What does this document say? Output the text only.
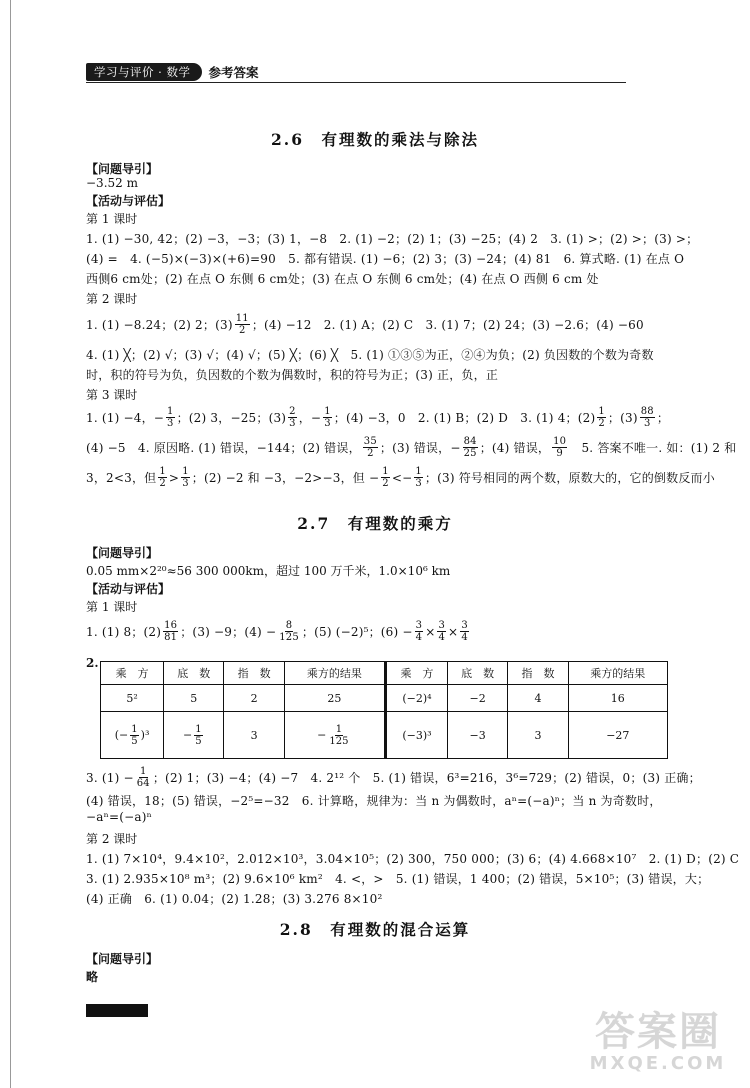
学习与评价 · 数学	参考答案
2.6　有理数的乘法与除法
【问题导引】
−3.52 m
【活动与评估】
第 1 课时
1. (1) −30, 42；(2) −3，−3；(3) 1，−8　2. (1) −2；(2) 1；(3) −25；(4) 2　3. (1) >；(2) >；(3) >；
(4) =　4. (−5)×(−3)×(+6)=90　5. 都有错误. (1) −6；(2) 3；(3) −24；(4) 81　6. 算式略. (1) 在点 O
西侧6 cm处；(2) 在点 O 东侧 6 cm处；(3) 在点 O 东侧 6 cm处；(4) 在点 O 西侧 6 cm 处
第 2 课时
1. (1) −8.24；(2) 2；$(3) \frac{11}{2}$ ；(4) −12　2. (1) A；(2) C　3. (1) 7；(2) 24；(3) −2.6；(4) −60
4. (1) ╳；(2) √；(3) √；(4) √；(5) ╳；(6) ╳　5. (1) ①③⑤为正，②④为负；(2) 负因数的个数为奇数
时，积的符号为负，负因数的个数为偶数时，积的符号为正；(3) 正，负，正
第 3 课时
1. (1) −4，− $\frac{1}{3}$ ；(2) 3，−25；$(3) \frac{2}{3}$ ，− $\frac{1}{3}$ ；(4) −3，0　2. (1) B；(2) D　3. (1) 4；$(2) \frac{1}{2}$ ；$(3) \frac{88}{3}$ ；
(4) −5　4. 原因略. (1) 错误，−144；(2) 错误， $\frac{35}{2}$ ；(3) 错误，− $\frac{84}{25}$ ；(4) 错误， $\frac{10}{9}$ 　5. 答案不唯一. 如：(1) 2 和
3，2<3，但 $\frac{1}{2} > \frac{1}{3}$ ；(2) −2 和 −3，−2>−3，但 − $\frac{1}{2} <- \frac{1}{3}$ ；(3) 符号相同的两个数，原数大的，它的倒数反而小
2.7　有理数的乘方
【问题导引】
0.05 mm×2²⁰≈56 300 000km，超过 100 万千米，1.0×10⁶ km
【活动与评估】
第 1 课时
1. (1) 8；$(2) \frac{16}{81}$ ；(3) −9；$(4) - \frac{8}{125}$ ；(5) (−2)⁵；$(6) - \frac{3}{4} \times \frac{3}{4} \times \frac{3}{4}$
2.
乘　方	底　数	指　数	乘方的结果	乘　方	底　数	指　数	乘方的结果
5²	5	2	25	(−2)⁴	−2	4	16
(− $\frac{1}{5} )^3$	− $\frac{1}{5}$	3	− $\frac{1}{125}$	(−3)³	−3	3	−27
3. $(1) - \frac{1}{64}$ ；(2) 1；(3) −4；(4) −7　4. 2¹² 个　5. (1) 错误，6³=216，3⁶=729；(2) 错误，0；(3) 正确；
(4) 错误，18；(5) 错误，−2⁵=−32　6. 计算略，规律为：当 n 为偶数时，aⁿ=(−a)ⁿ；当 n 为奇数时，
−aⁿ=(−a)ⁿ
第 2 课时
1. (1) 7×10⁴，9.4×10²，2.012×10³，3.04×10⁵；(2) 300，750 000；(3) 6；(4) 4.668×10⁷　2. (1) D；(2) C
3. (1) 2.935×10⁸ m³；(2) 9.6×10⁶ km²　4. <，>　5. (1) 错误，1 400；(2) 错误，5×10⁵；(3) 错误，大；
(4) 正确　6. (1) 0.04；(2) 1.28；(3) 3.276 8×10²
2.8　有理数的混合运算
【问题导引】
略
答案圈
MXQE.COM
